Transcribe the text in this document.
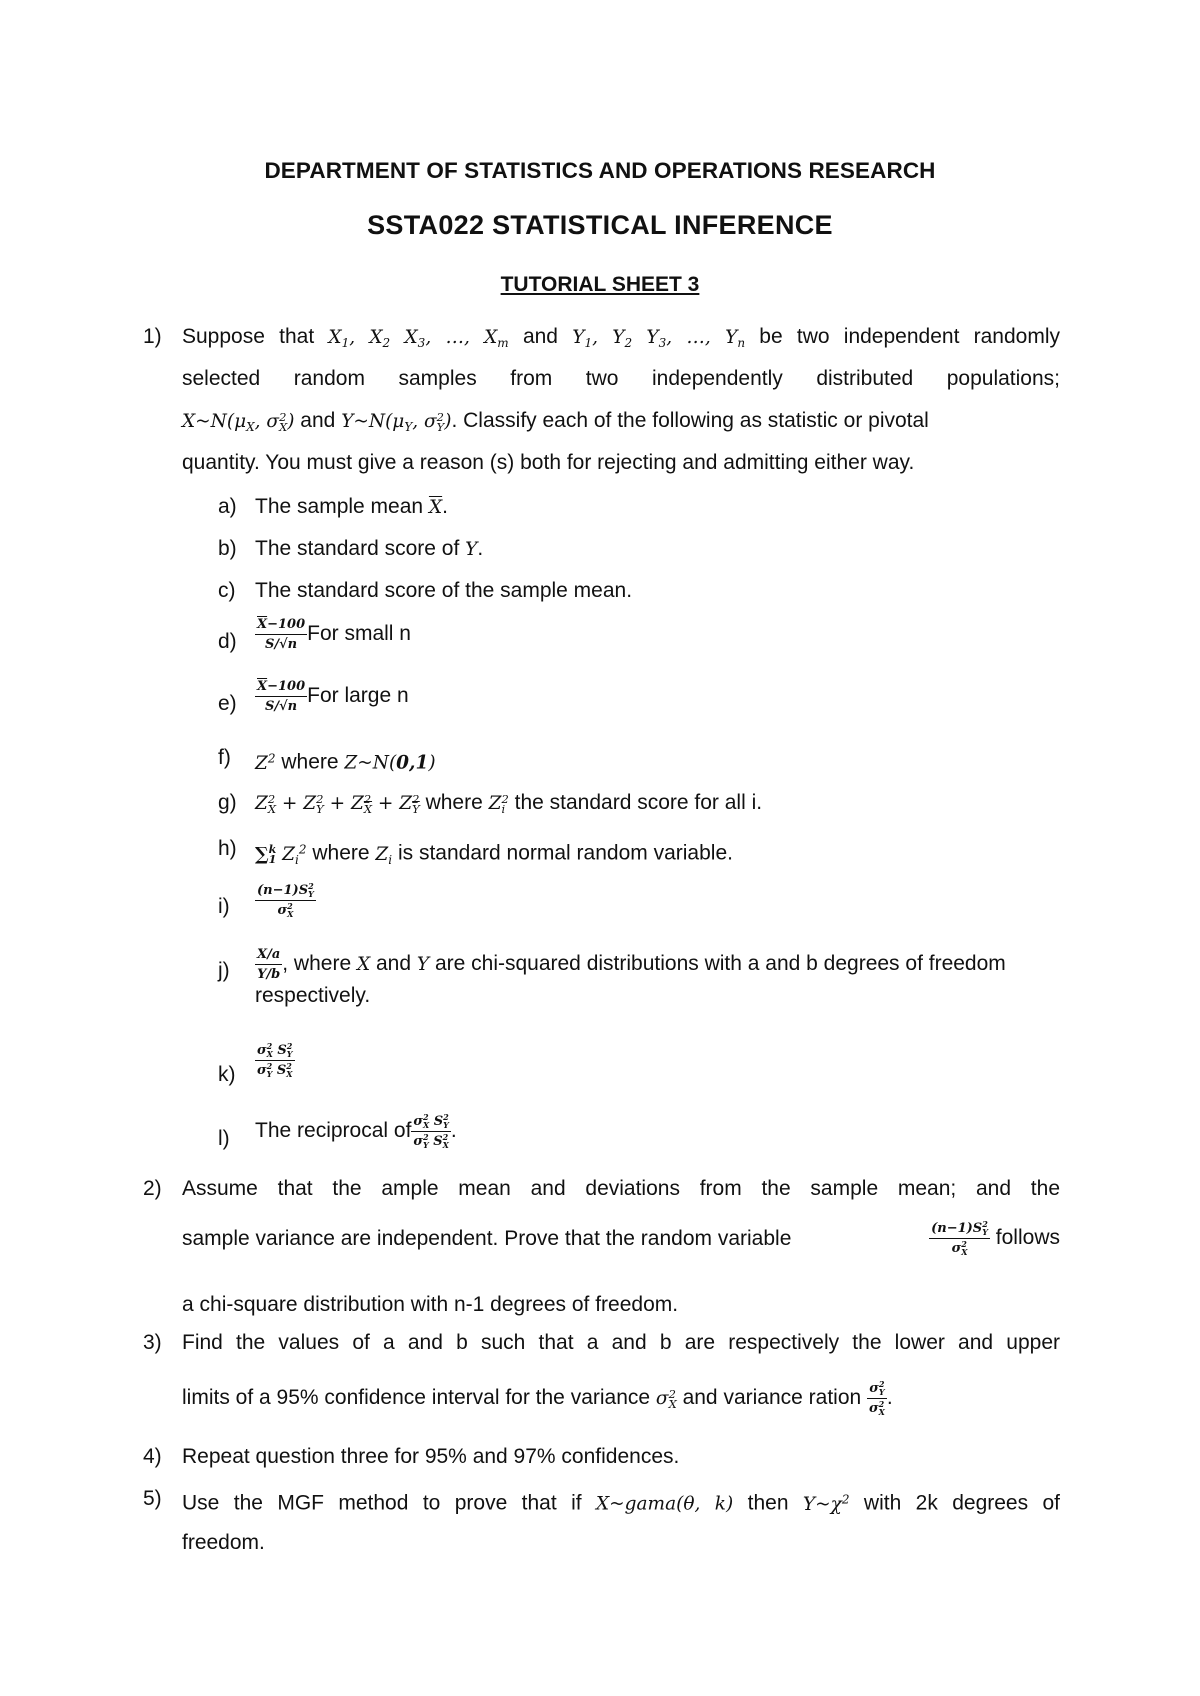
DEPARTMENT OF STATISTICS AND OPERATIONS RESEARCH
SSTA022 STATISTICAL INFERENCE
TUTORIAL SHEET 3
1) Suppose that $X_1$, $X_2$ $X_3$, …, $X_m$ and $Y_1$, $Y_2$ $Y_3$, …, $Y_n$ be two independent randomly
selected random samples from two independently distributed populations;
$X\sim N(\mu_X$, σ 2
X ) and $Y\sim N(\mu_Y$, σ 2
Y ). Classify each of the following as statistic or pivotal
quantity. You must give a reason (s) both for rejecting and admitting either way.
a) The sample mean $\overline{X}$.
b) The standard score of Y.
c) The standard score of the sample mean.
d)	$\frac{\overline{X}-100}{S/√n}$ For small n
e)	$\frac{\overline{X}-100}{S/√n}$ For large n
f)	$Z^2$ where Z~N(0,1)
g) Z 2
X + Z 2
Y + Z $\frac{2}{X} + Z \frac{2}{Y}$ where Z 2
i the standard score for all i.
h)	∑ k
1 $Z_i^2$ where $Z_i$ is standard normal random variable.
i)	(n−1)S 2
Y
σ 2
X
j)	$\frac{X/a}{Y/b}$ , where X and Y are chi-squared distributions with a and b degrees of freedom respectively.
k)	σ 2
X S 2
Y
σ 2
Y S 2
X
l)	The reciprocal of σ 2
X S 2
Y
σ 2
Y S 2
X .
2) Assume that the ample mean and deviations from the sample mean; and the
sample variance are independent. Prove that the random variable	(n−1)S 2
Y
σ 2
X follows
a chi-square distribution with n-1 degrees of freedom.
3) Find the values of a and b such that a and b are respectively the lower and upper
limits of a 95% confidence interval for the variance σ 2
X and variance ration σ 2
Y
σ 2
X .
4) Repeat question three for 95% and 97% confidences.
5) Use the MGF method to prove that if X~gama(θ, k) then $Y\sim\chi^2$ with 2k degrees of
freedom.
